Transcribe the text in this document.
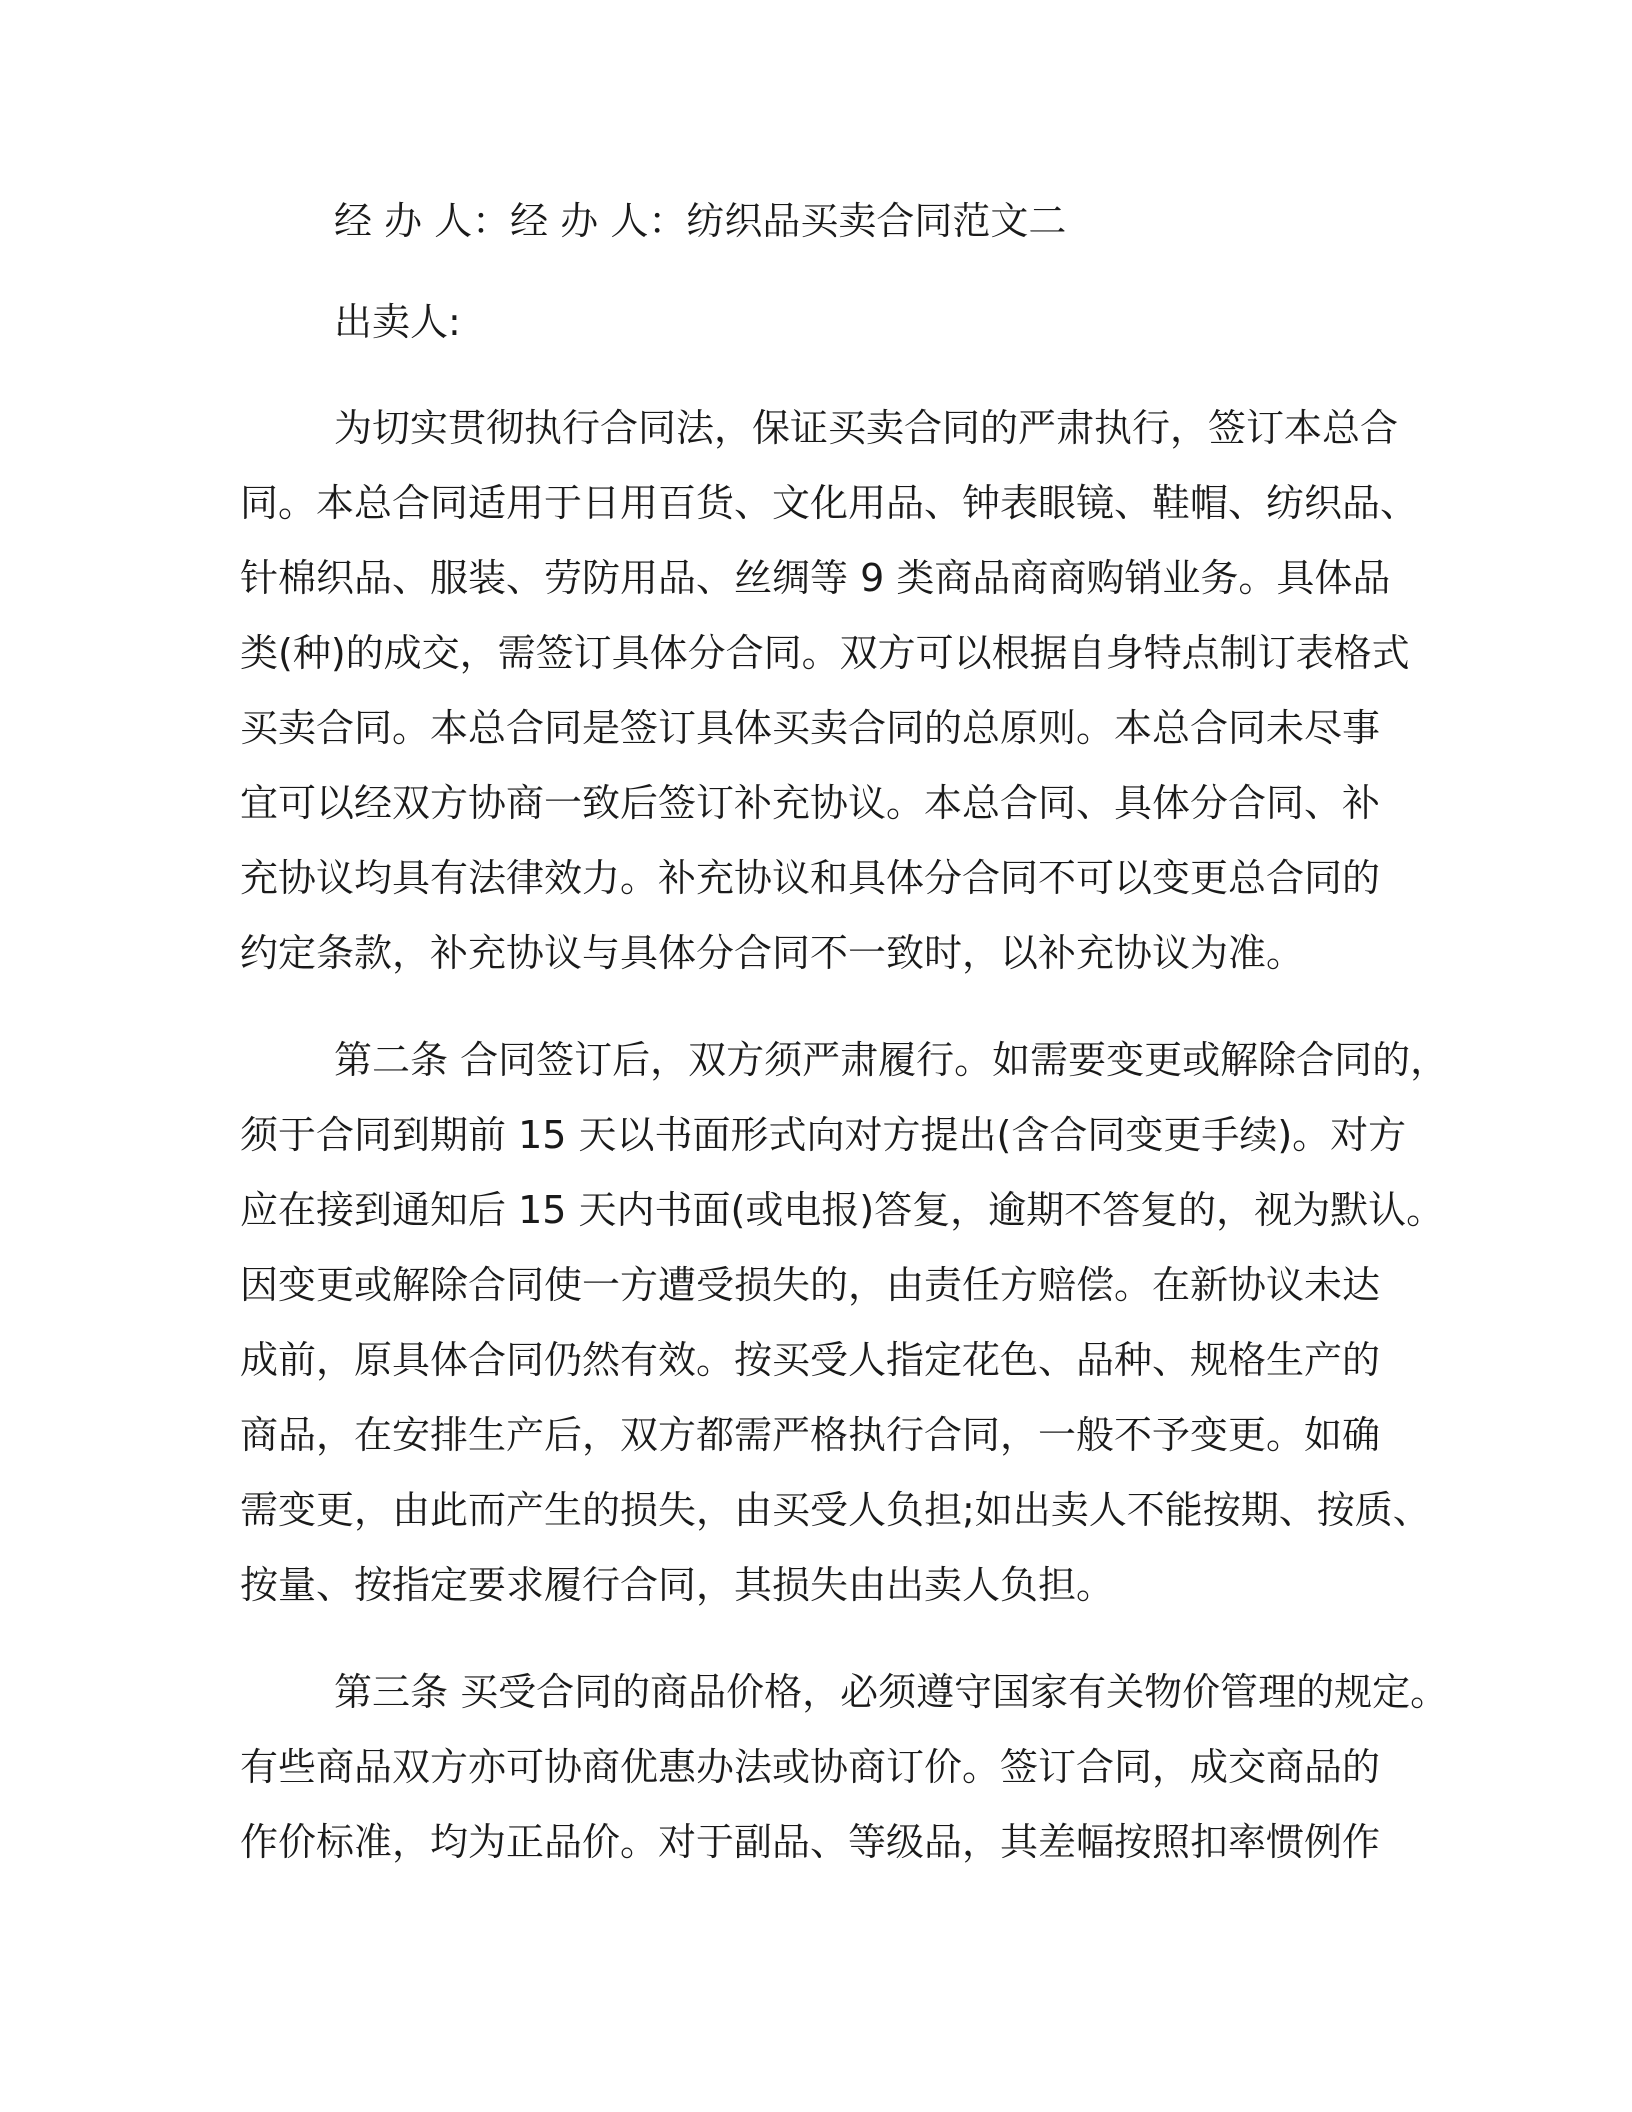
经 办 人：经 办 人：纺织品买卖合同范文二
出卖人:
为切实贯彻执行合同法，保证买卖合同的严肃执行，签订本总合
同。本总合同适用于日用百货、文化用品、钟表眼镜、鞋帽、纺织品、
针棉织品、服装、劳防用品、丝绸等 9 类商品商商购销业务。具体品
类(种)的成交，需签订具体分合同。双方可以根据自身特点制订表格式
买卖合同。本总合同是签订具体买卖合同的总原则。本总合同未尽事
宜可以经双方协商一致后签订补充协议。本总合同、具体分合同、补
充协议均具有法律效力。补充协议和具体分合同不可以变更总合同的
约定条款，补充协议与具体分合同不一致时，以补充协议为准。
第二条 合同签订后，双方须严肃履行。如需要变更或解除合同的，
须于合同到期前 15 天以书面形式向对方提出(含合同变更手续)。对方
应在接到通知后 15 天内书面(或电报)答复，逾期不答复的，视为默认。
因变更或解除合同使一方遭受损失的，由责任方赔偿。在新协议未达
成前，原具体合同仍然有效。按买受人指定花色、品种、规格生产的
商品，在安排生产后，双方都需严格执行合同，一般不予变更。如确
需变更，由此而产生的损失，由买受人负担;如出卖人不能按期、按质、
按量、按指定要求履行合同，其损失由出卖人负担。
第三条 买受合同的商品价格，必须遵守国家有关物价管理的规定。
有些商品双方亦可协商优惠办法或协商订价。签订合同，成交商品的
作价标准，均为正品价。对于副品、等级品，其差幅按照扣率惯例作
